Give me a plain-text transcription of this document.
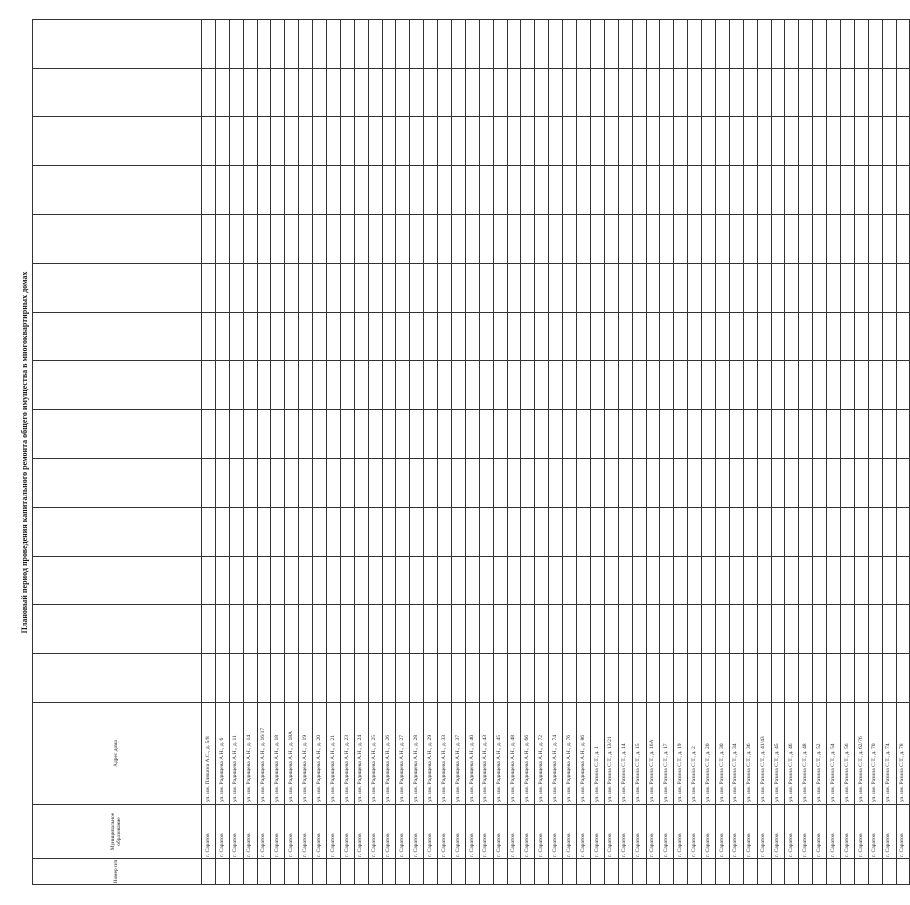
Плановый период проведения капитального ремонта общего имущества в многоквартирных домах
Номер п/п	Муниципальное образование	Адрес дома														
	г. Саратов	ул. им. Плякина А.С., д. 5/8														
	г. Саратов	ул. им. Радищева А.Н., д. 6														
	г. Саратов	ул. им. Радищева А.Н., д. 11														
	г. Саратов	ул. им. Радищева А.Н., д. 14														
	г. Саратов	ул. им. Радищева А.Н., д. 16/17														
	г. Саратов	ул. им. Радищева А.Н., д. 18														
	г. Саратов	ул. им. Радищева А.Н., д. 18А														
	г. Саратов	ул. им. Радищева А.Н., д. 19														
	г. Саратов	ул. им. Радищева А.Н., д. 20														
	г. Саратов	ул. им. Радищева А.Н., д. 21														
	г. Саратов	ул. им. Радищева А.Н., д. 23														
	г. Саратов	ул. им. Радищева А.Н., д. 24														
	г. Саратов	ул. им. Радищева А.Н., д. 25														
	г. Саратов	ул. им. Радищева А.Н., д. 26														
	г. Саратов	ул. им. Радищева А.Н., д. 27														
	г. Саратов	ул. им. Радищева А.Н., д. 28														
	г. Саратов	ул. им. Радищева А.Н., д. 29														
	г. Саратов	ул. им. Радищева А.Н., д. 33														
	г. Саратов	ул. им. Радищева А.Н., д. 37														
	г. Саратов	ул. им. Радищева А.Н., д. 40														
	г. Саратов	ул. им. Радищева А.Н., д. 43														
	г. Саратов	ул. им. Радищева А.Н., д. 45														
	г. Саратов	ул. им. Радищева А.Н., д. 48														
	г. Саратов	ул. им. Радищева А.Н., д. 66														
	г. Саратов	ул. им. Радищева А.Н., д. 72														
	г. Саратов	ул. им. Радищева А.Н., д. 74														
	г. Саратов	ул. им. Радищева А.Н., д. 76														
	г. Саратов	ул. им. Радищева А.Н., д. 86														
	г. Саратов	ул. им. Разина С.Т., д. 1														
	г. Саратов	ул. им. Разина С.Т., д. 13/21														
	г. Саратов	ул. им. Разина С.Т., д. 14														
	г. Саратов	ул. им. Разина С.Т., д. 15														
	г. Саратов	ул. им. Разина С.Т., д. 16А														
	г. Саратов	ул. им. Разина С.Т., д. 17														
	г. Саратов	ул. им. Разина С.Т., д. 19														
	г. Саратов	ул. им. Разина С.Т., д. 2														
	г. Саратов	ул. им. Разина С.Т., д. 20														
	г. Саратов	ул. им. Разина С.Т., д. 30														
	г. Саратов	ул. им. Разина С.Т., д. 34														
	г. Саратов	ул. им. Разина С.Т., д. 36														
	г. Саратов	ул. им. Разина С.Т., д. 41/43														
	г. Саратов	ул. им. Разина С.Т., д. 45														
	г. Саратов	ул. им. Разина С.Т., д. 46														
	г. Саратов	ул. им. Разина С.Т., д. 48														
	г. Саратов	ул. им. Разина С.Т., д. 52														
	г. Саратов	ул. им. Разина С.Т., д. 54														
	г. Саратов	ул. им. Разина С.Т., д. 56														
	г. Саратов	ул. им. Разина С.Т., д. 62/76														
	г. Саратов	ул. им. Разина С.Т., д. 70														
	г. Саратов	ул. им. Разина С.Т., д. 74														
	г. Саратов	ул. им. Разина С.Т., д. 78														
